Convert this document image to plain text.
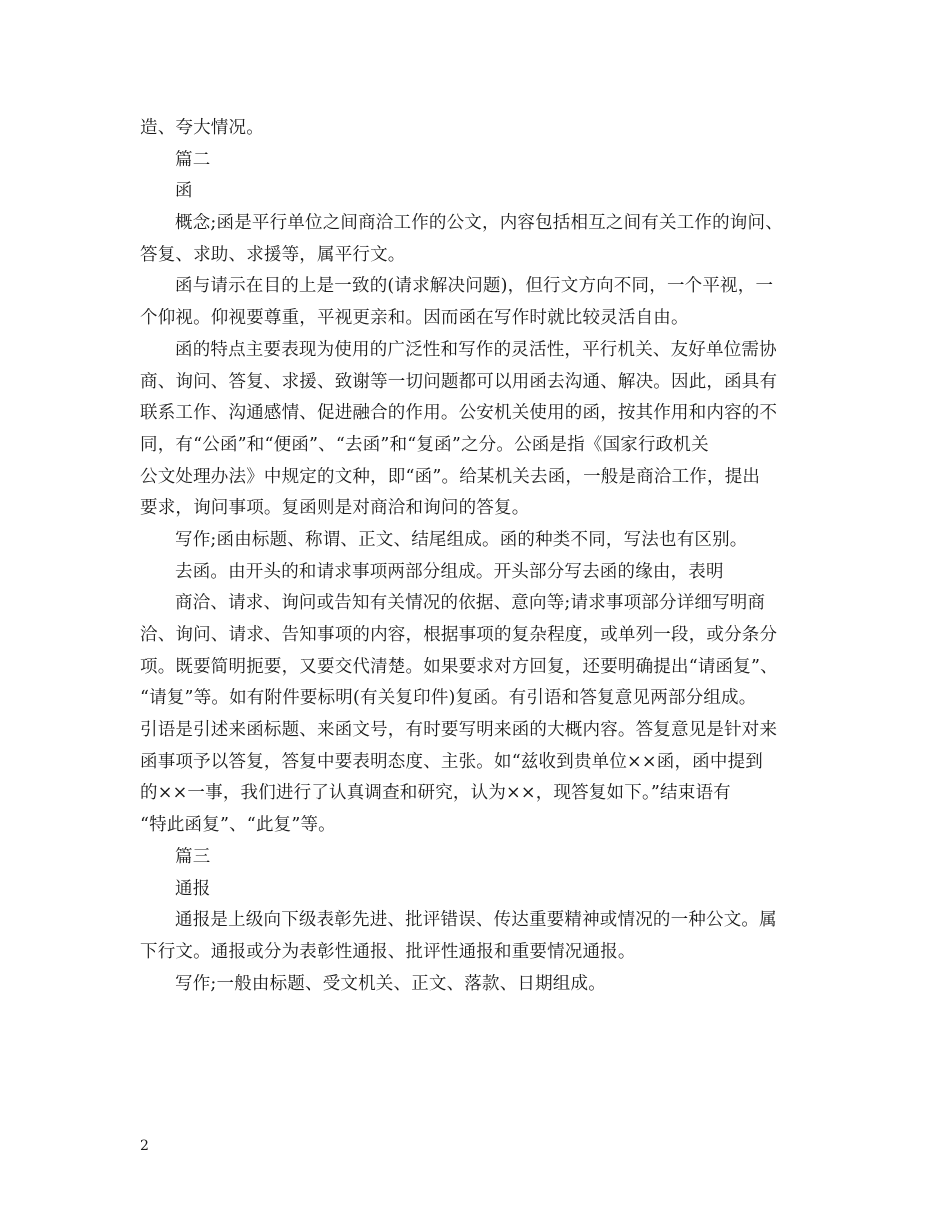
造、夸大情况。
篇二
函
概念;函是平行单位之间商洽工作的公文，内容包括相互之间有关工作的询问、
答复、求助、求援等，属平行文。
函与请示在目的上是一致的(请求解决问题)，但行文方向不同，一个平视，一
个仰视。仰视要尊重，平视更亲和。因而函在写作时就比较灵活自由。
函的特点主要表现为使用的广泛性和写作的灵活性，平行机关、友好单位需协
商、询问、答复、求援、致谢等一切问题都可以用函去沟通、解决。因此，函具有
联系工作、沟通感情、促进融合的作用。公安机关使用的函，按其作用和内容的不
同，有“公函”和“便函”、“去函”和“复函”之分。公函是指《国家行政机关
公文处理办法》中规定的文种，即“函”。给某机关去函，一般是商洽工作，提出
要求，询问事项。复函则是对商洽和询问的答复。
写作;函由标题、称谓、正文、结尾组成。函的种类不同，写法也有区别。
去函。由开头的和请求事项两部分组成。开头部分写去函的缘由，表明
商洽、请求、询问或告知有关情况的依据、意向等;请求事项部分详细写明商
洽、询问、请求、告知事项的内容，根据事项的复杂程度，或单列一段，或分条分
项。既要简明扼要，又要交代清楚。如果要求对方回复，还要明确提出“请函复”、
“请复”等。如有附件要标明(有关复印件)复函。有引语和答复意见两部分组成。
引语是引述来函标题、来函文号，有时要写明来函的大概内容。答复意见是针对来
函事项予以答复，答复中要表明态度、主张。如“兹收到贵单位××函，函中提到
的××一事，我们进行了认真调查和研究，认为××，现答复如下。”结束语有
“特此函复”、“此复”等。
篇三
通报
通报是上级向下级表彰先进、批评错误、传达重要精神或情况的一种公文。属
下行文。通报或分为表彰性通报、批评性通报和重要情况通报。
写作;一般由标题、受文机关、正文、落款、日期组成。
2
